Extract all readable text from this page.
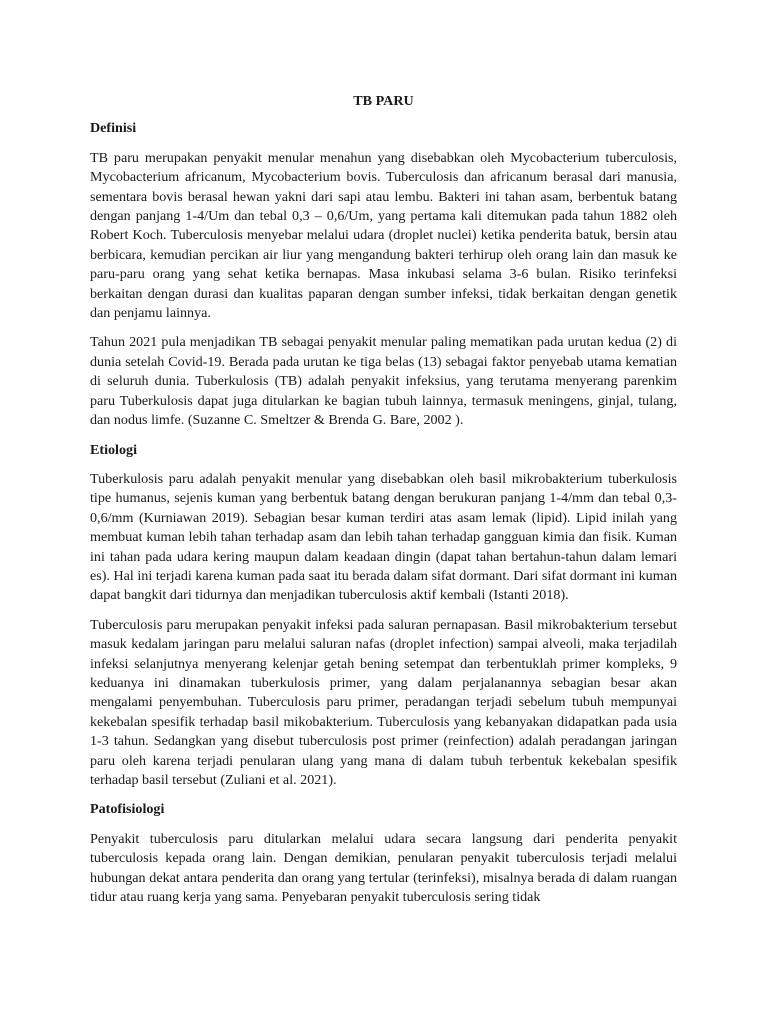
TB PARU
Definisi

TB paru merupakan penyakit menular menahun yang disebabkan oleh Mycobacterium tuberculosis, Mycobacterium africanum, Mycobacterium bovis. Tuberculosis dan africanum berasal dari manusia, sementara bovis berasal hewan yakni dari sapi atau lembu. Bakteri ini tahan asam, berbentuk batang dengan panjang 1-4/Um dan tebal 0,3 – 0,6/Um, yang pertama kali ditemukan pada tahun 1882 oleh Robert Koch. Tuberculosis menyebar melalui udara (droplet nuclei) ketika penderita batuk, bersin atau berbicara, kemudian percikan air liur yang mengandung bakteri terhirup oleh orang lain dan masuk ke paru-paru orang yang sehat ketika bernapas. Masa inkubasi selama 3-6 bulan. Risiko terinfeksi berkaitan dengan durasi dan kualitas paparan dengan sumber infeksi, tidak berkaitan dengan genetik dan penjamu lainnya.

Tahun 2021 pula menjadikan TB sebagai penyakit menular paling mematikan pada urutan kedua (2) di dunia setelah Covid-19. Berada pada urutan ke tiga belas (13) sebagai faktor penyebab utama kematian di seluruh dunia. Tuberkulosis (TB) adalah penyakit infeksius, yang terutama menyerang parenkim paru Tuberkulosis dapat juga ditularkan ke bagian tubuh lainnya, termasuk meningens, ginjal, tulang, dan nodus limfe. (Suzanne C. Smeltzer & Brenda G. Bare, 2002 ).

Etiologi

Tuberkulosis paru adalah penyakit menular yang disebabkan oleh basil mikrobakterium tuberkulosis tipe humanus, sejenis kuman yang berbentuk batang dengan berukuran panjang 1-4/mm dan tebal 0,3-0,6/mm (Kurniawan 2019). Sebagian besar kuman terdiri atas asam lemak (lipid). Lipid inilah yang membuat kuman lebih tahan terhadap asam dan lebih tahan terhadap gangguan kimia dan fisik. Kuman ini tahan pada udara kering maupun dalam keadaan dingin (dapat tahan bertahun-tahun dalam lemari es). Hal ini terjadi karena kuman pada saat itu berada dalam sifat dormant. Dari sifat dormant ini kuman dapat bangkit dari tidurnya dan menjadikan tuberculosis aktif kembali (Istanti 2018).

Tuberculosis paru merupakan penyakit infeksi pada saluran pernapasan. Basil mikrobakterium tersebut masuk kedalam jaringan paru melalui saluran nafas (droplet infection) sampai alveoli, maka terjadilah infeksi selanjutnya menyerang kelenjar getah bening setempat dan terbentuklah primer kompleks, 9 keduanya ini dinamakan tuberkulosis primer, yang dalam perjalanannya sebagian besar akan mengalami penyembuhan. Tuberculosis paru primer, peradangan terjadi sebelum tubuh mempunyai kekebalan spesifik terhadap basil mikobakterium. Tuberculosis yang kebanyakan didapatkan pada usia 1-3 tahun. Sedangkan yang disebut tuberculosis post primer (reinfection) adalah peradangan jaringan paru oleh karena terjadi penularan ulang yang mana di dalam tubuh terbentuk kekebalan spesifik terhadap basil tersebut (Zuliani et al. 2021).

Patofisiologi

Penyakit tuberculosis paru ditularkan melalui udara secara langsung dari penderita penyakit tuberculosis kepada orang lain. Dengan demikian, penularan penyakit tuberculosis terjadi melalui hubungan dekat antara penderita dan orang yang tertular (terinfeksi), misalnya berada di dalam ruangan tidur atau ruang kerja yang sama. Penyebaran penyakit tuberculosis sering tidak
